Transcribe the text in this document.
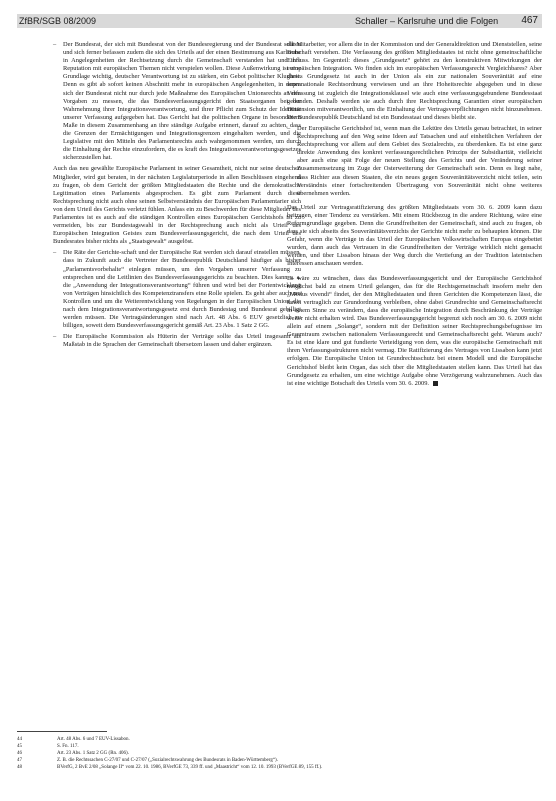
ZfBR/SGB 08/2009	Schaller – Karlsruhe und die Folgen 467

– Der Bundesrat, der sich mit Bundesrat von der Bundesregierung und der Bundesrat sollten und sich ferner befassen zudem die sich des Urteils auf der einen Bestimmung aus Karlsruhe in Angelegenheiten der Rechtsetzung durch die Gemeinschaft verstanden hat und ihre Reputation mit europäischen Themen nicht verspielen wollen. Diese Außenwirkung ist eine Grundlage wichtig, deutscher Verantwortung ist zu stärken, ein Gebot politischer Klugheit. Denn es gibt ab sofort keinen Abschnitt mehr in europäischen Angelegenheiten, in denen sich der Bundesrat nicht nur durch jede Maßnahme des Europäischen Unionsrechts an den Vorgaben zu messen, die das Bundesverfassungsgericht den Staatsorganen bei der Wahrnehmung ihrer Integrationsverantwortung, und ihrer Pflicht zum Schutz der Identität unserer Verfassung aufgegeben hat. Das Gericht hat die politischen Organe in besonderem Maße in diesem Zusammenhang an ihre ständige Aufgabe erinnert, darauf zu achten, dass die Grenzen der Ermächtigungen und Integrationsgrenzen eingehalten werden, und die Legislative mit den Mitteln des Parlamentsrechts auch wahrgenommen werden, um durch die Einhaltung der Rechte einzufordern, die es kraft des Integrationsverantwortungsgesetzes sicherzustellen hat.

Auch das neu gewählte Europäische Parlament in seiner Gesamtheit, nicht nur seine deutschen Mitglieder, wird gut beraten, in der nächsten Legislaturperiode in allen Beschlüssen eingehend zu fragen, ob dem Gericht der größten Mitgliedstaaten die Rechte und die demokratische Legitimation eines Parlaments abgesprochen. Es gibt zum Parlament durch diese Rechtsprechung nicht auch ohne seinen Selbstverständnis der Europäischen Parlamentarier sich von dem Urteil des Gerichts verletzt fühlen. Anlass ein zu Beschwerden für diese Mitglieder des Parlamentes ist es auch auf die ständigen Kontrollen eines Europäischen Gerichtshofs ist zu vermeiden, bis zur Bundestagswahl in der Rechtsprechung auch nicht als Urteil des Europäischen Integration Geistes zum Bundesverfassungsgericht, die nach dem Urteil des Bundesrates bisher nichts als „Staatsgewalt“ ausgelöst.

– Die Räte der Gerichte-schaft und der Europäische Rat werden sich darauf einstellen müssen, dass in Zukunft auch die Vertreter der Bundesrepublik Deutschland häufiger als bisher „Parlamentsvorbehalte“ einlegen müssen, um den Vorgaben unserer Verfassung zu entsprechen und die Leitlinien des Bundesverfassungsgerichts zu beachten. Dies kann u. a. die „Anwendung der Integrationsverantwortung“ führen und wird bei der Fortentwicklung von Verträgen hinsichtlich des Kompetenztransfers eine Rolle spielen. Es geht aber auch um Kontrollen und um die Weiterentwicklung von Regelungen in der Europäischen Union, die nach dem Integrationsverantwortungsgesetz erst durch Bundestag und Bundesrat gebilligt werden müssen. Die Vertragsänderungen sind nach Art. 48 Abs. 6 EUV gesetzlich zu billigen, soweit dem Bundesverfassungsgericht gemäß Art. 23 Abs. 1 Satz 2 GG.

– Die Europäische Kommission als Hüterin der Verträge sollte das Urteil insgesamt als Maßstab in die Sprachen der Gemeinschaft übersetzen lassen und daher ergänzen.

die Mitarbeiter, vor allem die in der Kommission und der Generaldirektion und Dienststellen, seine Botschaft verstehen. Die Verfassung des größten Mitgliedstaates ist nicht ohne gemeinschaftliche Einfluss. Im Gegenteil: dieses „Grundgesetz“ gehört zu den konstruktiven Mitwirkungen der europäischen Integration. Wo finden sich im europäischen Verfassungsrecht Vergleichbares? Aber dieses Grundgesetz ist auch in der Union als ein zur nationalen Souveränität auf eine supranationale Rechtsordnung verwiesen und an ihre Hoheitsrechte abgegeben und in diese Verfassung ist zugleich die Integrationsklausel wie auch eine verfassungsgebundene Bundesstaat gebunden. Deshalb werden sie auch durch ihre Rechtsprechung Garantien einer europäischen Dimension mitverantwortlich, um die Einhaltung der Vertragsverpflichtungen nicht hinzunehmen. Die Bundesrepublik Deutschland ist ein Bundesstaat und dieses bleibt sie.

– Der Europäische Gerichtshof ist, wenn man die Lektüre des Urteils genau betrachtet, in seiner Rechtsprechung auf den Weg seine Ideen auf Tatsachen und auf einheitlichen Verfahren der Rechtsprechung vor allem auf dem Gebiet des Sozialrechts, zu überdenken. Es ist eine ganz direkte Anwendung des konkret verfassungsrechtlichen Prinzips der Subsidiarität, vielleicht aber auch eine spät Folge der neuen Stellung des Gerichts und der Veränderung seiner Zusammensetzung im Zuge der Osterweiterung der Gemeinschaft sein. Denn es liegt nahe, dass Richter aus diesen Staaten, die ein neues gegen Souveränitätsverzicht nicht teilen, sein Verständnis einer fortschreitenden Übertragung von Souveränität nicht ohne weiteres übernehmen werden.

Das Urteil zur Vertragsratifizierung des größten Mitgliedstaats vom 30. 6. 2009 kann dazu beitragen, einer Tendenz zu verstärken. Mit einem Rückbezug in die andere Richtung, wäre eine Reformgrundlage gegeben. Denn die Grundfreiheiten der Gemeinschaft, sind auch zu fragen, ob dass sie sich abseits des Souveränitätsverzichts der Gerichte nicht mehr zu behaupten können. Die Gefahr, wenn die Verträge in das Urteil der Europäischen Volkswirtschaften Europas eingebettet wurden, dann auch das Vertrauen in die Grundfreiheiten der Verträge wirklich nicht gemacht werden, und über Lissabon hinaus der Weg durch die Vertiefung an der Tradition lateinischen Interessen anschauen werden.

Es wäre zu wünschen, dass das Bundesverfassungsgericht und der Europäische Gerichtshof möglichst bald zu einem Urteil gelangen, das für die Rechtsgemeinschaft insofern mehr den „Modus vivendi“ findet, der den Mitgliedstaaten und ihren Gerichten die Kompetenzen lässt, die ihnen vertraglich zur Grundordnung verbleiben, ohne dabei Grundrechte und Gemeinschaftsrecht in einem Sinne zu verändern, dass die europäische Integration durch Beschränkung der Verträge weiter nicht erhalten wird. Das Bundesverfassungsgericht begrenzt sich noch am 30. 6. 2009 nicht allein auf einem „Solange“, sondern mit der Definition seiner Rechtsprechungsbefugnisse im Gesamtraum zwischen nationalem Verfassungsrecht und Gemeinschaftsrecht geht. Warum auch? Es ist eine klare und gut fundierte Verteidigung von dem, was die europäische Gemeinschaft mit ihren Verfassungsstrukturen nicht vermag. Die Ratifizierung des Vertrages von Lissabon kann jetzt erfolgen. Die Europäische Union ist Grundrechtsschutz bei einem Modell und die Europäische Gerichtshof bleibt kein Organ, das sich über die Mitgliedstaaten stellen kann. Das Urteil hat das Grundgesetz zu erhalten, um eine wichtige Aufgabe ohne Verzögerung wahrzunehmen. Auch das ist eine wichtige Botschaft des Urteils vom 30. 6. 2009.

44	Art. 48 Abs. 6 und 7 EUV-Lissabon.
45	S. Fn. 117.
46	Art. 23 Abs. 1 Satz 2 GG (Rn. 406).
47	Z. B. die Rechtssachen C-27/07 und C-27/07 („Sozialrechtswahrung des Bundesrats in Baden-Württemberg“).
48	BVerfG, 2 BvE 2/08 „Solange II“ vom 22. 10. 1986, BVerfGE 73, 339 ff. und „Maastricht“ vom 12. 10. 1993 (BVerfGE 89, 155 ff.).
